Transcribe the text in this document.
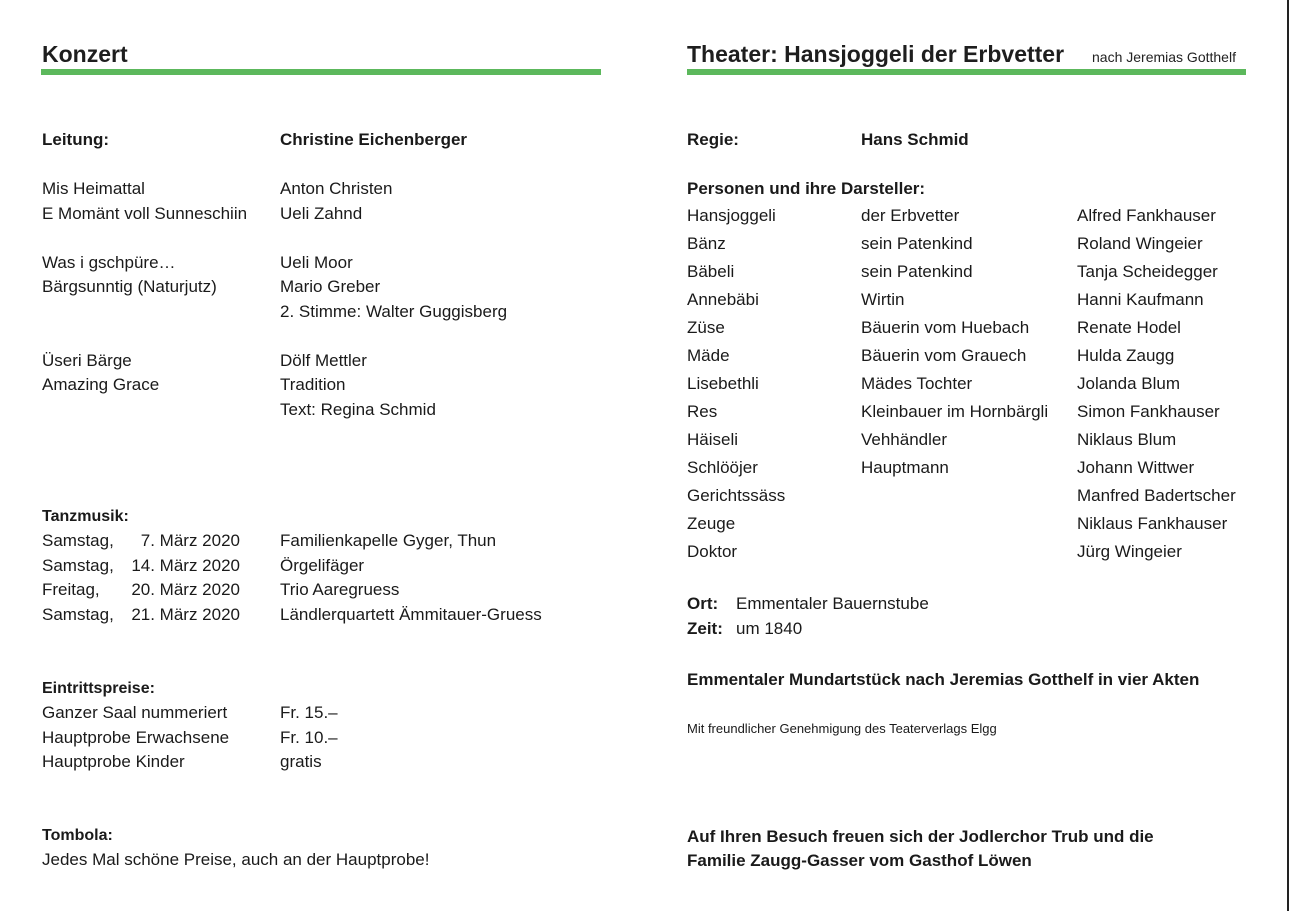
Konzert
Leitung:	Christine Eichenberger
Mis Heimattal
E Momänt voll Sunneschiin
Was i gschpüre…
Bärgsunntig (Naturjutz)
Üseri Bärge
Amazing Grace
Anton Christen
Ueli Zahnd
Ueli Moor
Mario Greber
2. Stimme: Walter Guggisberg
Dölf Mettler
Tradition
Text: Regina Schmid
Tanzmusik:
Samstag,
Samstag,
Freitag,
Samstag,
7. März 2020
14. März 2020
20. März 2020
21. März 2020
Familienkapelle Gyger, Thun
Örgelifäger
Trio Aaregruess
Ländlerquartett Ämmitauer-Gruess
Eintrittspreise:
Ganzer Saal nummeriert
Hauptprobe Erwachsene
Hauptprobe Kinder
Fr. 15.–
Fr. 10.–
gratis
Tombola:
Jedes Mal schöne Preise, auch an der Hauptprobe!
Theater: Hansjoggeli der Erbvetter nach Jeremias Gotthelf
Regie:	Hans Schmid
Personen und ihre Darsteller:
Hansjoggeli
Bänz
Bäbeli
Annebäbi
Züse
Mäde
Lisebethli
Res
Häiseli
Schlööjer
Gerichtssäss
Zeuge
Doktor
der Erbvetter
sein Patenkind
sein Patenkind
Wirtin
Bäuerin vom Huebach
Bäuerin vom Grauech
Mädes Tochter
Kleinbauer im Hornbärgli
Vehhändler
Hauptmann
Alfred Fankhauser
Roland Wingeier
Tanja Scheidegger
Hanni Kaufmann
Renate Hodel
Hulda Zaugg
Jolanda Blum
Simon Fankhauser
Niklaus Blum
Johann Wittwer
Manfred Badertscher
Niklaus Fankhauser
Jürg Wingeier
Ort: Emmentaler Bauernstube
Zeit: um 1840
Emmentaler Mundartstück nach Jeremias Gotthelf in vier Akten
Mit freundlicher Genehmigung des Teaterverlags Elgg
Auf Ihren Besuch freuen sich der Jodlerchor Trub und die
Familie Zaugg-Gasser vom Gasthof Löwen
